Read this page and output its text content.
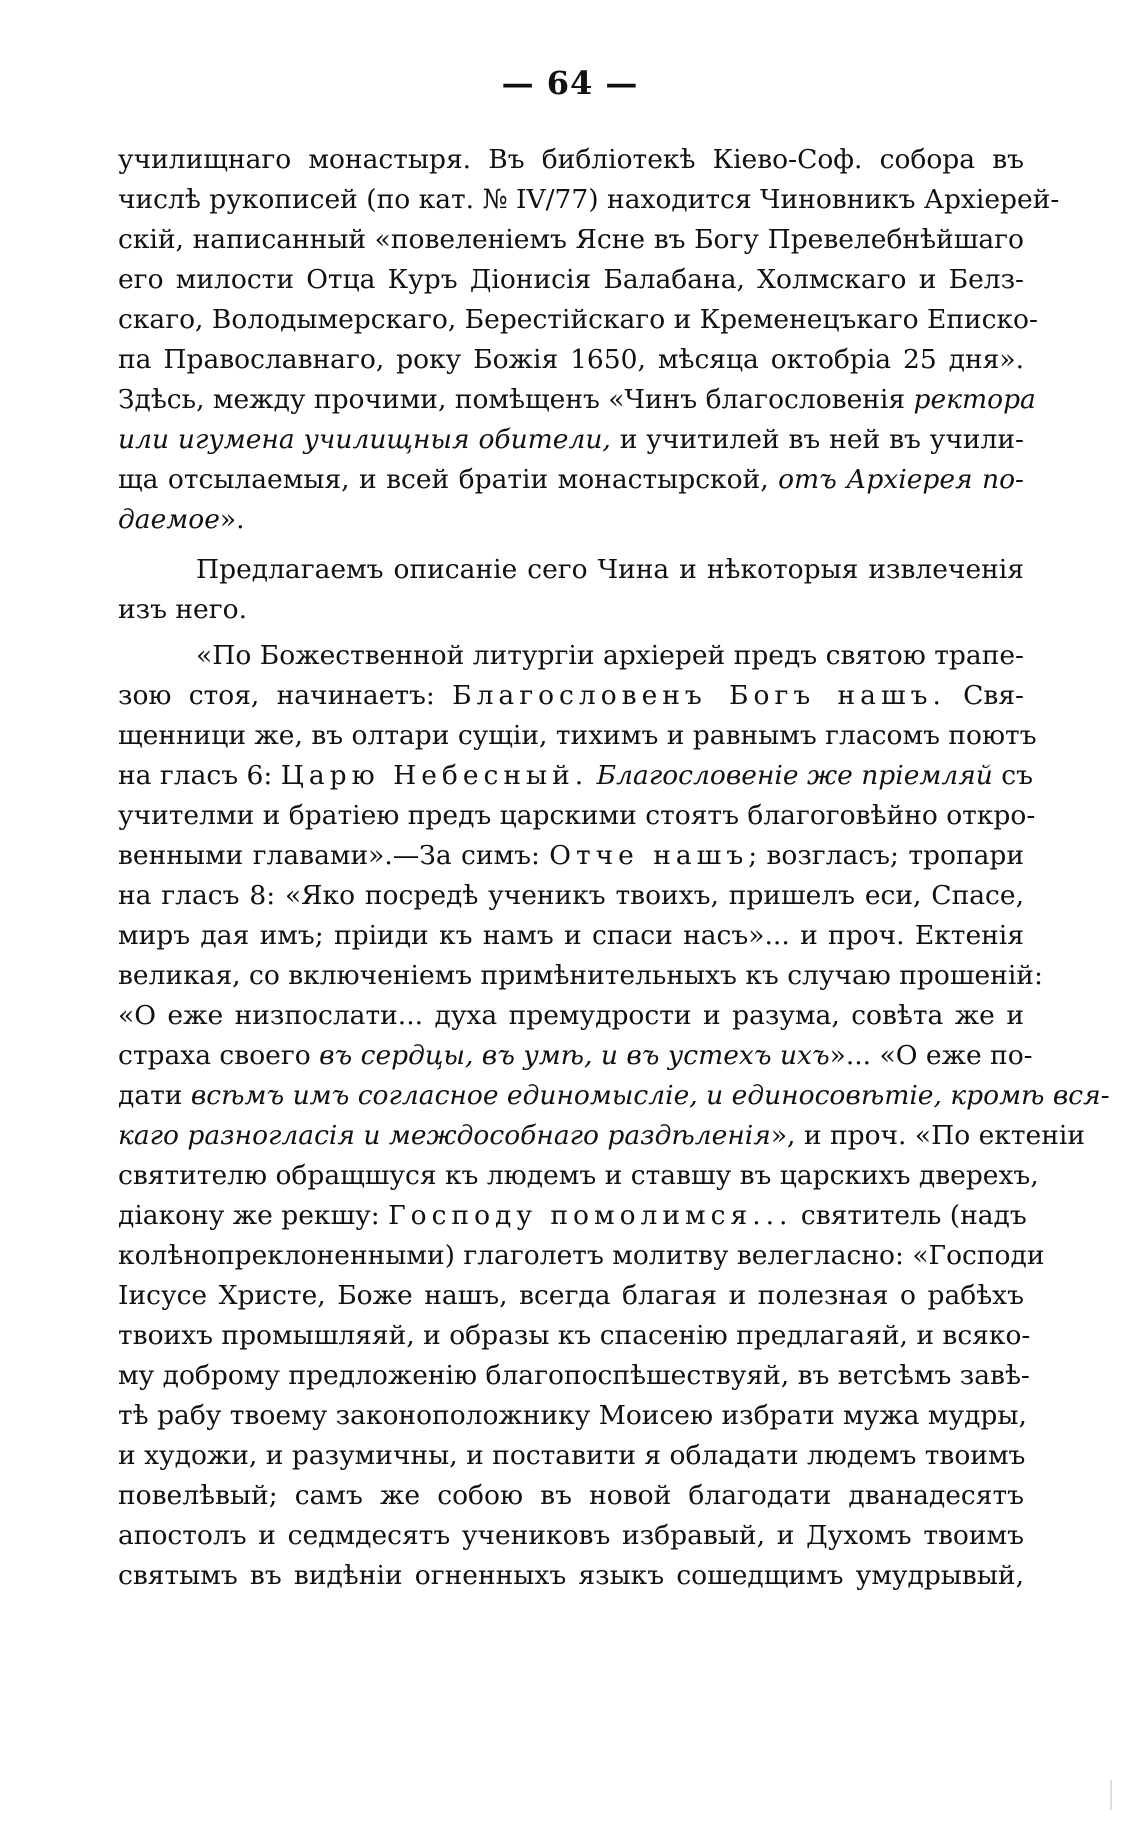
— 64 —
училищнаго монастыря. Въ библіотекѣ Кіево-Соф. собора въ
числѣ рукописей (по кат. № IV/77) находится Чиновникъ Архіерей-
скій, написанный «повеленіемъ Ясне въ Богу Превелебнѣйшаго
его милости Отца Куръ Діонисія Балабана, Холмскаго и Белз-
скаго, Володымерскаго, Берестійскаго и Кременецъкаго Еписко-
па Православнаго, року Божія 1650, мѣсяца октобріа 25 дня».
Здѣсь, между прочими, помѣщенъ «Чинъ благословенія ректора
или игумена училищныя обители, и учитилей въ ней въ учили-
ща отсылаемыя, и всей братіи монастырской, отъ Архіерея по-
даемое».
Предлагаемъ описаніе сего Чина и нѣкоторыя извлеченія
изъ него.
«По Божественной литургіи архіерей предъ святою трапе-
зою стоя, начинаетъ: Благословенъ Богъ нашъ. Свя-
щенници же, въ олтари сущіи, тихимъ и равнымъ гласомъ поютъ
на гласъ 6: Царю Небесный. Благословеніе же пріемляй съ
учителми и братіею предъ царскими стоятъ благоговѣйно откро-
венными главами».—За симъ: Отче нашъ; возгласъ; тропари
на гласъ 8: «Яко посредѣ ученикъ твоихъ, пришелъ еси, Спасе,
миръ дая имъ; пріиди къ намъ и спаси насъ»... и проч. Ектенія
великая, со включеніемъ примѣнительныхъ къ случаю прошеній:
«О еже низпослати... духа премудрости и разума, совѣта же и
страха своего въ сердцы, въ умѣ, и въ устехъ ихъ»... «О еже по-
дати всѣмъ имъ согласное единомысліе, и единосовѣтіе, кромѣ вся-
каго разногласія и междособнаго раздѣленія», и проч. «По ектеніи
святителю обращшуся къ людемъ и ставшу въ царскихъ дверехъ,
діакону же рекшу: Господу помолимся... святитель (надъ
колѣнопреклоненными) глаголетъ молитву велегласно: «Господи
Іисусе Христе, Боже нашъ, всегда благая и полезная о рабѣхъ
твоихъ промышляяй, и образы къ спасенію предлагаяй, и всяко-
му доброму предложенію благопоспѣшествуяй, въ ветсѣмъ завѣ-
тѣ рабу твоему законоположнику Моисею избрати мужа мудры,
и художи, и разумичны, и поставити я обладати людемъ твоимъ
повелѣвый; самъ же собою въ новой благодати дванадесятъ
апостолъ и седмдесятъ учениковъ избравый, и Духомъ твоимъ
святымъ въ видѣніи огненныхъ языкъ сошедщимъ умудрывый,
